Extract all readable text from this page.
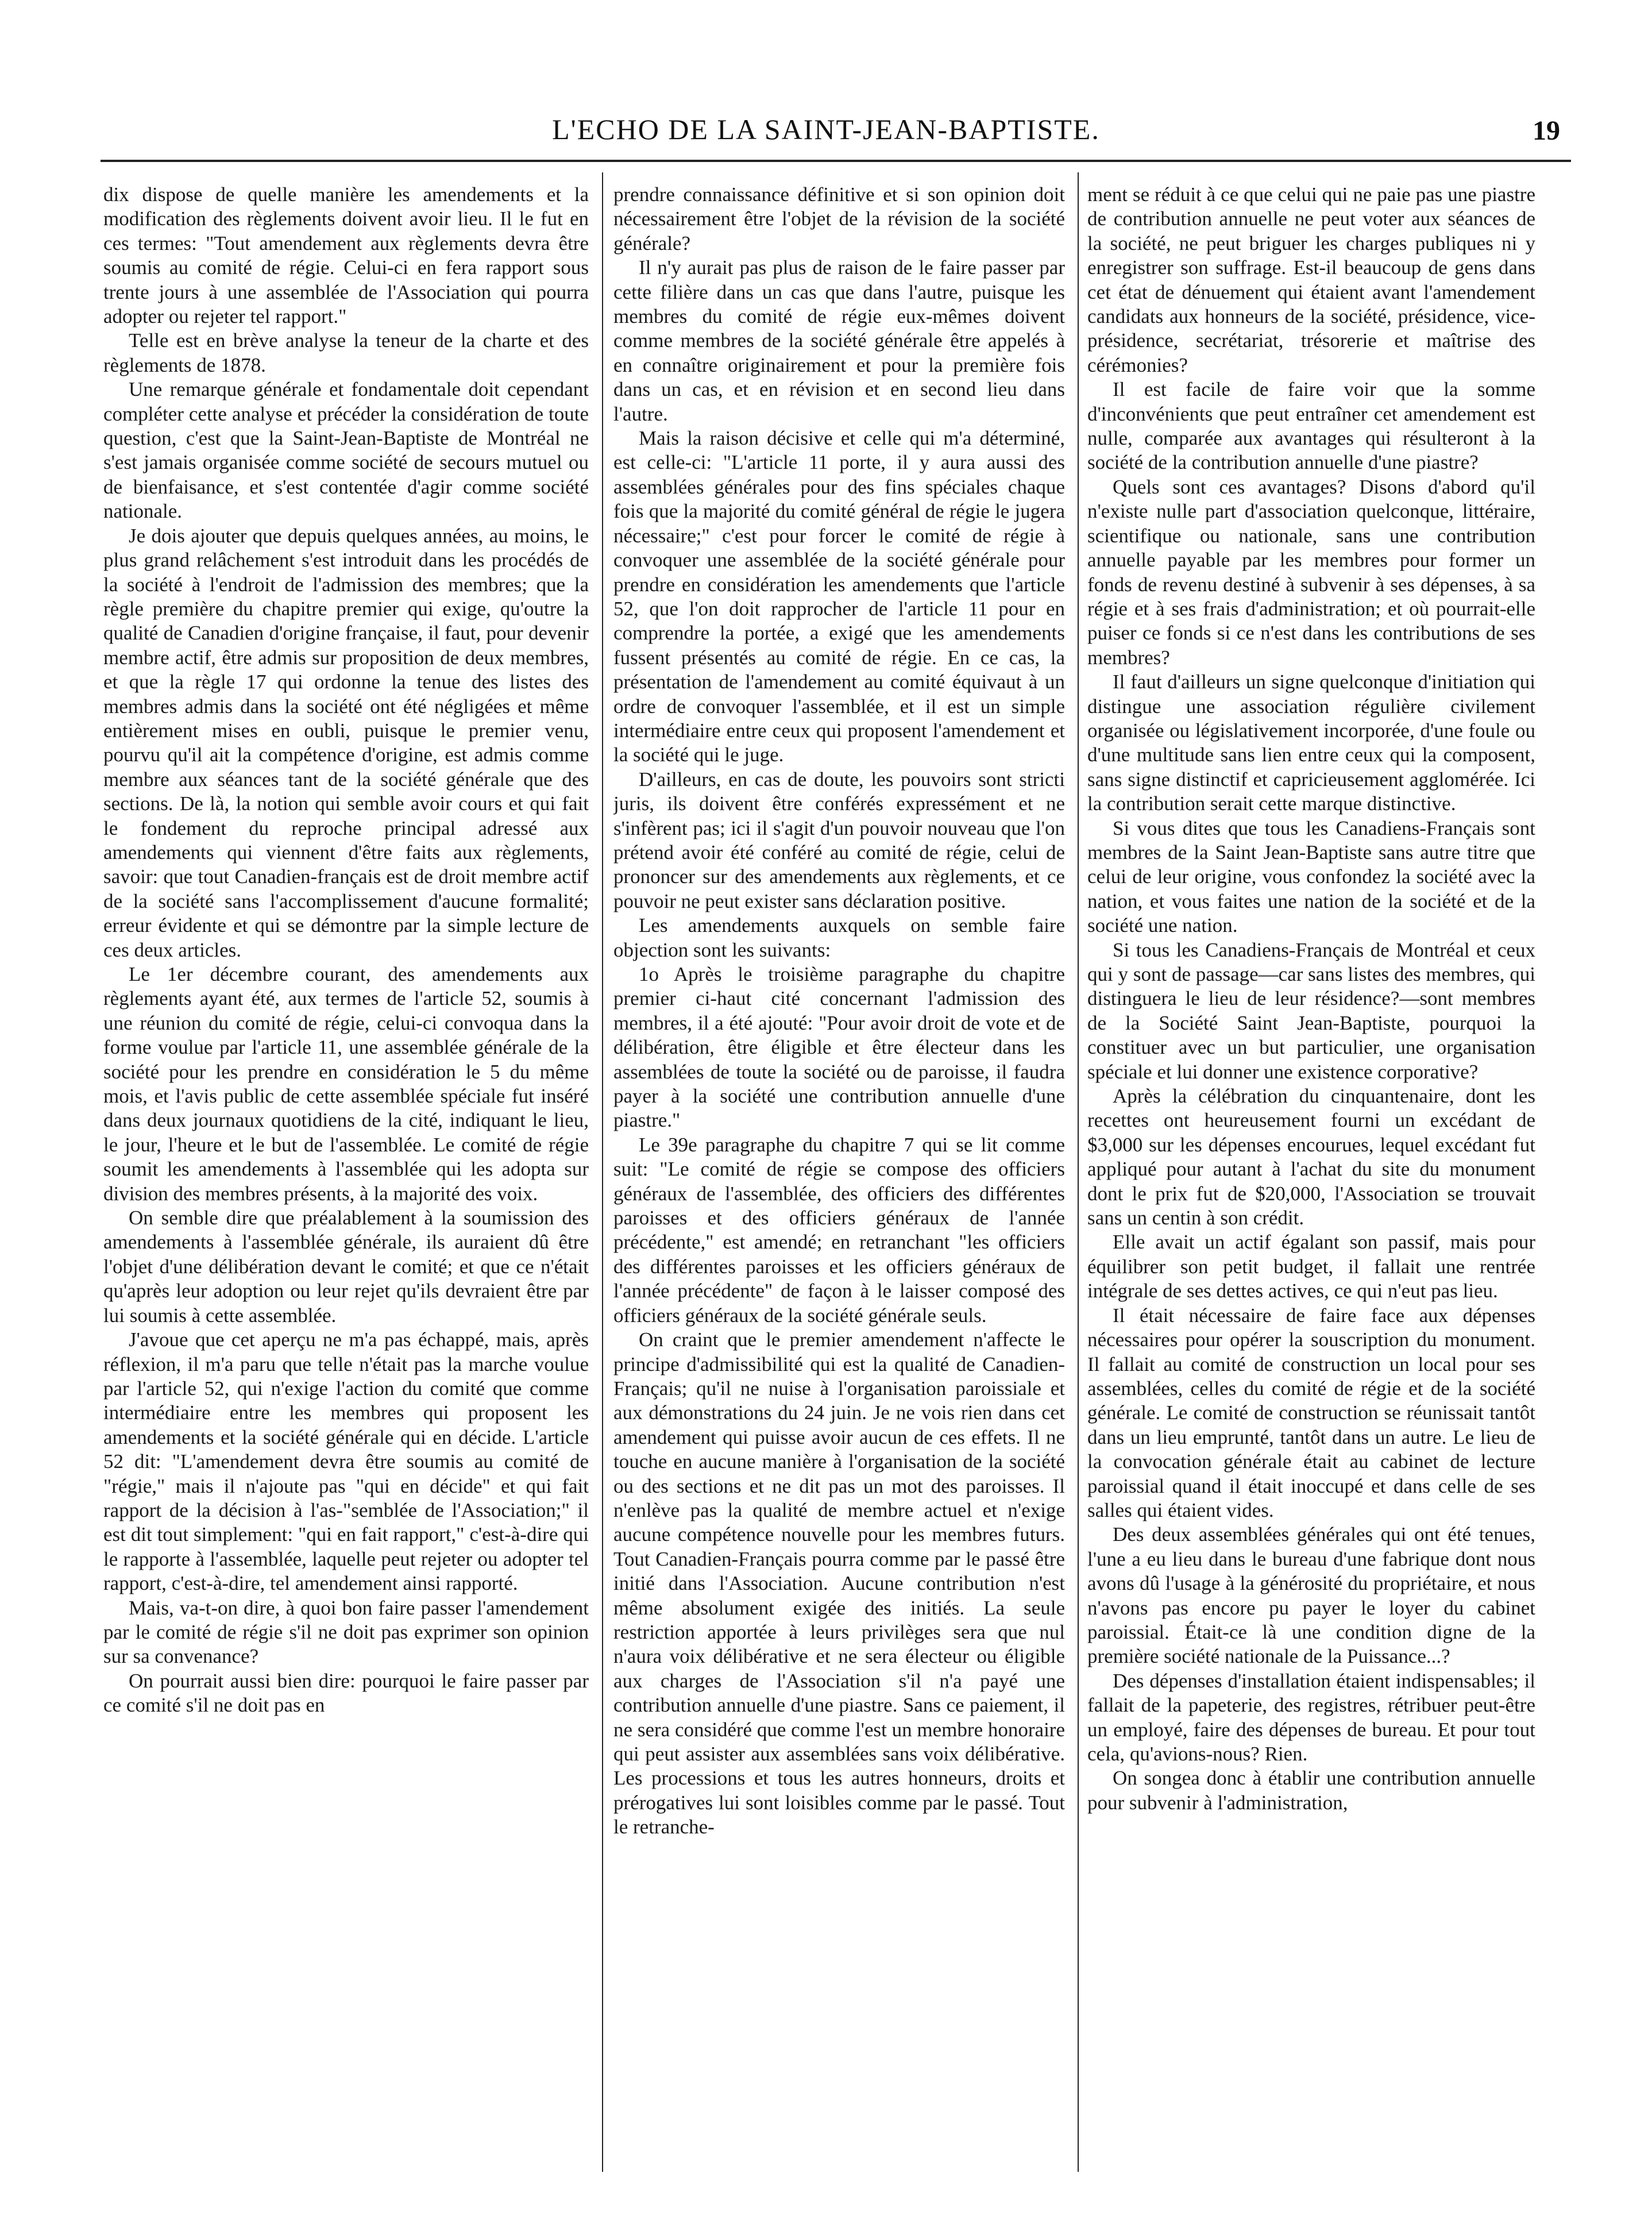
L'ECHO DE LA SAINT-JEAN-BAPTISTE.	19

dix dispose de quelle manière les amendements et la modification des règlements doivent avoir lieu. Il le fut en ces termes: "Tout amendement aux règlements devra être soumis au comité de régie. Celui-ci en fera rapport sous trente jours à une assemblée de l'Association qui pourra adopter ou rejeter tel rapport."

Telle est en brève analyse la teneur de la charte et des règlements de 1878.

Une remarque générale et fondamentale doit cependant compléter cette analyse et précéder la considération de toute question, c'est que la Saint-Jean-Baptiste de Montréal ne s'est jamais organisée comme société de secours mutuel ou de bienfaisance, et s'est contentée d'agir comme société nationale.

Je dois ajouter que depuis quelques années, au moins, le plus grand relâchement s'est introduit dans les procédés de la société à l'endroit de l'admission des membres; que la règle première du chapitre premier qui exige, qu'outre la qualité de Canadien d'origine française, il faut, pour devenir membre actif, être admis sur proposition de deux membres, et que la règle 17 qui ordonne la tenue des listes des membres admis dans la société ont été négligées et même entièrement mises en oubli, puisque le premier venu, pourvu qu'il ait la compétence d'origine, est admis comme membre aux séances tant de la société générale que des sections. De là, la notion qui semble avoir cours et qui fait le fondement du reproche principal adressé aux amendements qui viennent d'être faits aux règlements, savoir: que tout Canadien-français est de droit membre actif de la société sans l'accomplissement d'aucune formalité; erreur évidente et qui se démontre par la simple lecture de ces deux articles.

Le 1er décembre courant, des amendements aux règlements ayant été, aux termes de l'article 52, soumis à une réunion du comité de régie, celui-ci convoqua dans la forme voulue par l'article 11, une assemblée générale de la société pour les prendre en considération le 5 du même mois, et l'avis public de cette assemblée spéciale fut inséré dans deux journaux quotidiens de la cité, indiquant le lieu, le jour, l'heure et le but de l'assemblée. Le comité de régie soumit les amendements à l'assemblée qui les adopta sur division des membres présents, à la majorité des voix.

On semble dire que préalablement à la soumission des amendements à l'assemblée générale, ils auraient dû être l'objet d'une délibération devant le comité; et que ce n'était qu'après leur adoption ou leur rejet qu'ils devraient être par lui soumis à cette assemblée.

J'avoue que cet aperçu ne m'a pas échappé, mais, après réflexion, il m'a paru que telle n'était pas la marche voulue par l'article 52, qui n'exige l'action du comité que comme intermédiaire entre les membres qui proposent les amendements et la société générale qui en décide. L'article 52 dit: "L'amendement devra être soumis au comité de "régie," mais il n'ajoute pas "qui en décide" et qui fait rapport de la décision à l'as-"semblée de l'Association;" il est dit tout simplement: "qui en fait rapport," c'est-à-dire qui le rapporte à l'assemblée, laquelle peut rejeter ou adopter tel rapport, c'est-à-dire, tel amendement ainsi rapporté.

Mais, va-t-on dire, à quoi bon faire passer l'amendement par le comité de régie s'il ne doit pas exprimer son opinion sur sa convenance?

On pourrait aussi bien dire: pourquoi le faire passer par ce comité s'il ne doit pas en

prendre connaissance définitive et si son opinion doit nécessairement être l'objet de la révision de la société générale?

Il n'y aurait pas plus de raison de le faire passer par cette filière dans un cas que dans l'autre, puisque les membres du comité de régie eux-mêmes doivent comme membres de la société générale être appelés à en connaître originairement et pour la première fois dans un cas, et en révision et en second lieu dans l'autre.

Mais la raison décisive et celle qui m'a déterminé, est celle-ci: "L'article 11 porte, il y aura aussi des assemblées générales pour des fins spéciales chaque fois que la majorité du comité général de régie le jugera nécessaire;" c'est pour forcer le comité de régie à convoquer une assemblée de la société générale pour prendre en considération les amendements que l'article 52, que l'on doit rapprocher de l'article 11 pour en comprendre la portée, a exigé que les amendements fussent présentés au comité de régie. En ce cas, la présentation de l'amendement au comité équivaut à un ordre de convoquer l'assemblée, et il est un simple intermédiaire entre ceux qui proposent l'amendement et la société qui le juge.

D'ailleurs, en cas de doute, les pouvoirs sont stricti juris, ils doivent être conférés expressément et ne s'infèrent pas; ici il s'agit d'un pouvoir nouveau que l'on prétend avoir été conféré au comité de régie, celui de prononcer sur des amendements aux règlements, et ce pouvoir ne peut exister sans déclaration positive.

Les amendements auxquels on semble faire objection sont les suivants:

1o Après le troisième paragraphe du chapitre premier ci-haut cité concernant l'admission des membres, il a été ajouté: "Pour avoir droit de vote et de délibération, être éligible et être électeur dans les assemblées de toute la société ou de paroisse, il faudra payer à la société une contribution annuelle d'une piastre."

Le 39e paragraphe du chapitre 7 qui se lit comme suit: "Le comité de régie se compose des officiers généraux de l'assemblée, des officiers des différentes paroisses et des officiers généraux de l'année précédente," est amendé; en retranchant "les officiers des différentes paroisses et les officiers généraux de l'année précédente" de façon à le laisser composé des officiers généraux de la société générale seuls.

On craint que le premier amendement n'affecte le principe d'admissibilité qui est la qualité de Canadien-Français; qu'il ne nuise à l'organisation paroissiale et aux démonstrations du 24 juin. Je ne vois rien dans cet amendement qui puisse avoir aucun de ces effets. Il ne touche en aucune manière à l'organisation de la société ou des sections et ne dit pas un mot des paroisses. Il n'enlève pas la qualité de membre actuel et n'exige aucune compétence nouvelle pour les membres futurs. Tout Canadien-Français pourra comme par le passé être initié dans l'Association. Aucune contribution n'est même absolument exigée des initiés. La seule restriction apportée à leurs privilèges sera que nul n'aura voix délibérative et ne sera électeur ou éligible aux charges de l'Association s'il n'a payé une contribution annuelle d'une piastre. Sans ce paiement, il ne sera considéré que comme l'est un membre honoraire qui peut assister aux assemblées sans voix délibérative. Les processions et tous les autres honneurs, droits et prérogatives lui sont loisibles comme par le passé. Tout le retranche-

ment se réduit à ce que celui qui ne paie pas une piastre de contribution annuelle ne peut voter aux séances de la société, ne peut briguer les charges publiques ni y enregistrer son suffrage. Est-il beaucoup de gens dans cet état de dénuement qui étaient avant l'amendement candidats aux honneurs de la société, présidence, vice-présidence, secrétariat, trésorerie et maîtrise des cérémonies?

Il est facile de faire voir que la somme d'inconvénients que peut entraîner cet amendement est nulle, comparée aux avantages qui résulteront à la société de la contribution annuelle d'une piastre?

Quels sont ces avantages? Disons d'abord qu'il n'existe nulle part d'association quelconque, littéraire, scientifique ou nationale, sans une contribution annuelle payable par les membres pour former un fonds de revenu destiné à subvenir à ses dépenses, à sa régie et à ses frais d'administration; et où pourrait-elle puiser ce fonds si ce n'est dans les contributions de ses membres?

Il faut d'ailleurs un signe quelconque d'initiation qui distingue une association régulière civilement organisée ou législativement incorporée, d'une foule ou d'une multitude sans lien entre ceux qui la composent, sans signe distinctif et capricieusement agglomérée. Ici la contribution serait cette marque distinctive.

Si vous dites que tous les Canadiens-Français sont membres de la Saint Jean-Baptiste sans autre titre que celui de leur origine, vous confondez la société avec la nation, et vous faites une nation de la société et de la société une nation.

Si tous les Canadiens-Français de Montréal et ceux qui y sont de passage—car sans listes des membres, qui distinguera le lieu de leur résidence?—sont membres de la Société Saint Jean-Baptiste, pourquoi la constituer avec un but particulier, une organisation spéciale et lui donner une existence corporative?

Après la célébration du cinquantenaire, dont les recettes ont heureusement fourni un excédant de $3,000 sur les dépenses encourues, lequel excédant fut appliqué pour autant à l'achat du site du monument dont le prix fut de $20,000, l'Association se trouvait sans un centin à son crédit.

Elle avait un actif égalant son passif, mais pour équilibrer son petit budget, il fallait une rentrée intégrale de ses dettes actives, ce qui n'eut pas lieu.

Il était nécessaire de faire face aux dépenses nécessaires pour opérer la souscription du monument. Il fallait au comité de construction un local pour ses assemblées, celles du comité de régie et de la société générale. Le comité de construction se réunissait tantôt dans un lieu emprunté, tantôt dans un autre. Le lieu de la convocation générale était au cabinet de lecture paroissial quand il était inoccupé et dans celle de ses salles qui étaient vides.

Des deux assemblées générales qui ont été tenues, l'une a eu lieu dans le bureau d'une fabrique dont nous avons dû l'usage à la générosité du propriétaire, et nous n'avons pas encore pu payer le loyer du cabinet paroissial. Était-ce là une condition digne de la première société nationale de la Puissance...?

Des dépenses d'installation étaient indispensables; il fallait de la papeterie, des registres, rétribuer peut-être un employé, faire des dépenses de bureau. Et pour tout cela, qu'avions-nous? Rien.

On songea donc à établir une contribution annuelle pour subvenir à l'administration,
